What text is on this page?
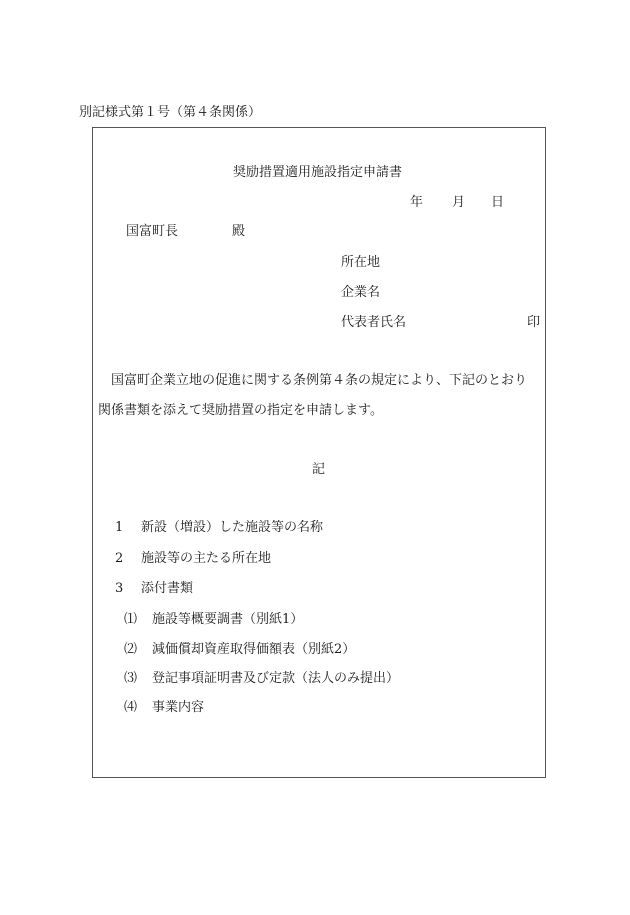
別記様式第１号（第４条関係）
奨励措置適用施設指定申請書
年 月 日
国富町長	殿
所在地
企業名
代表者氏名	印
国富町企業立地の促進に関する条例第４条の規定により、下記のとおり
関係書類を添えて奨励措置の指定を申請します。
記
1 新設（増設）した施設等の名称
2 施設等の主たる所在地
3 添付書類
⑴ 施設等概要調書（別紙1）
⑵ 減価償却資産取得価額表（別紙2）
⑶ 登記事項証明書及び定款（法人のみ提出）
⑷ 事業内容
